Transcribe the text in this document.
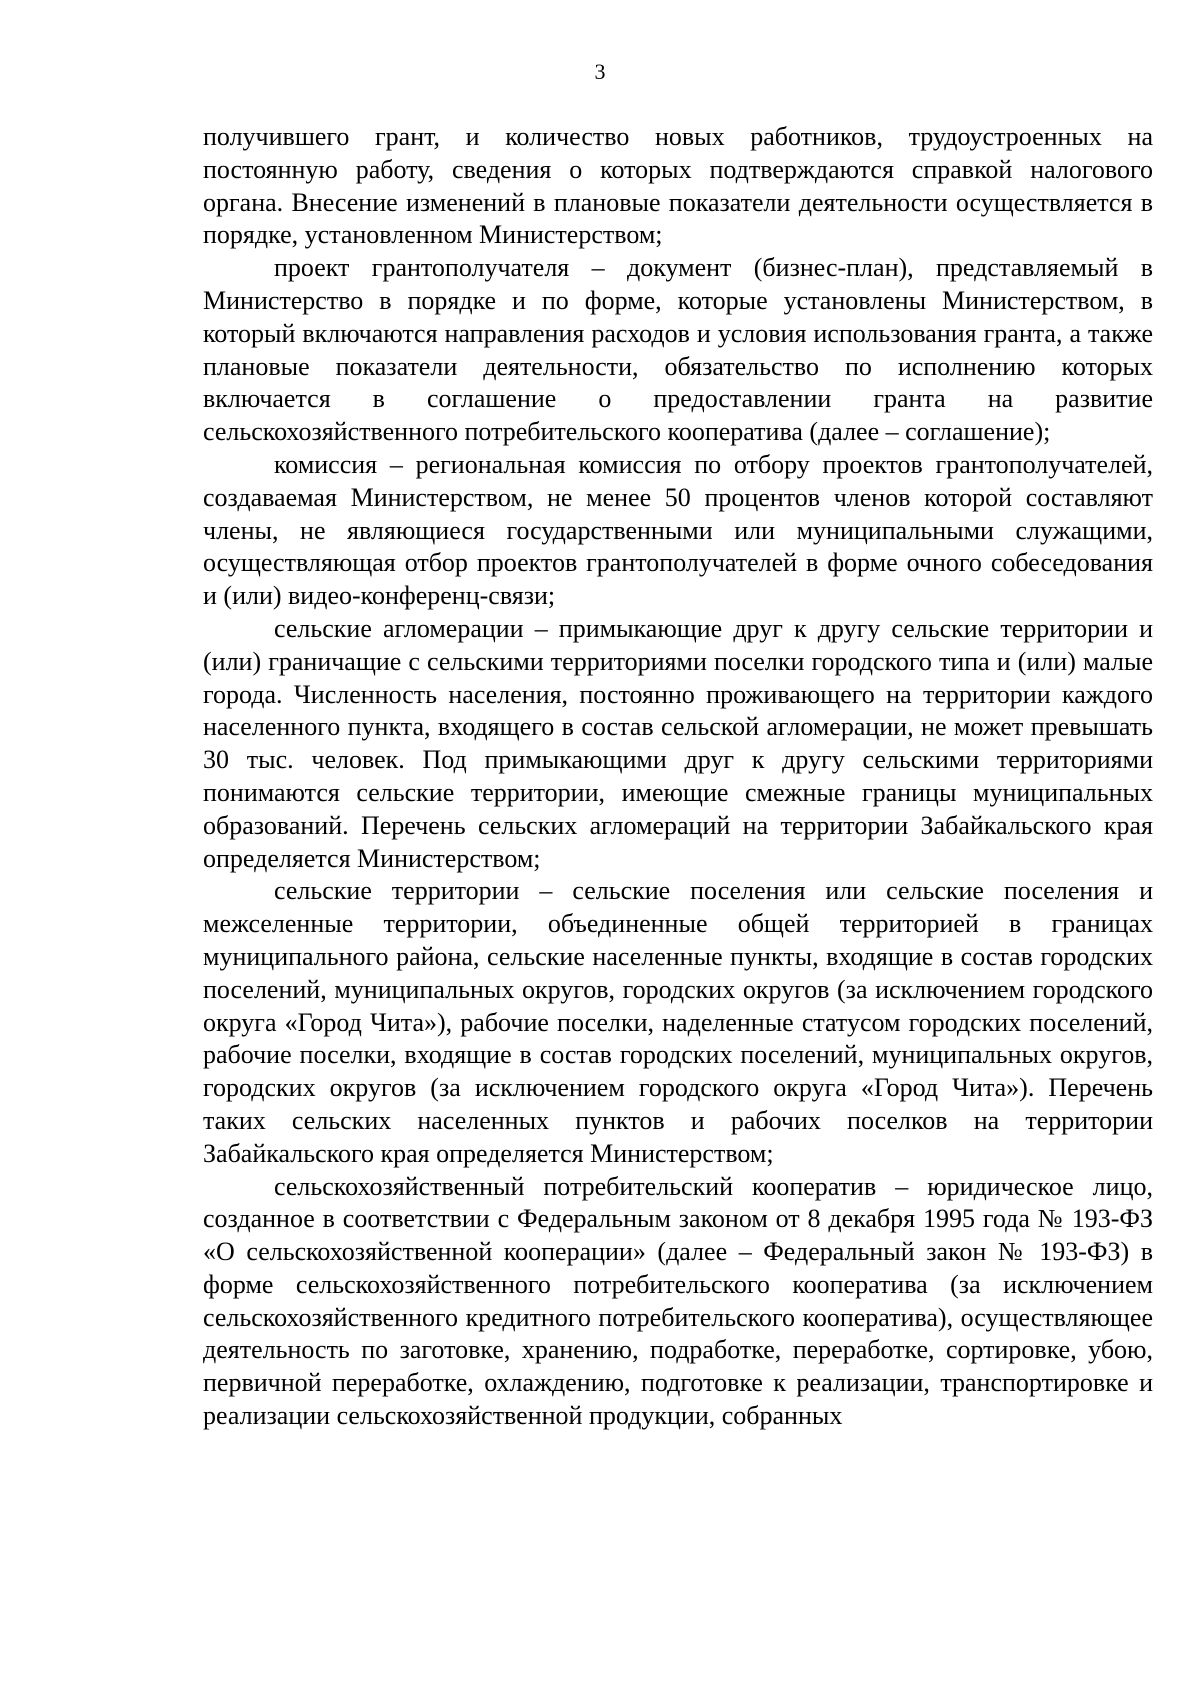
3

получившего грант, и количество новых работников, трудоустроенных на постоянную работу, сведения о которых подтверждаются справкой налогового органа. Внесение изменений в плановые показатели деятельности осуществляется в порядке, установленном Министерством;

проект грантополучателя – документ (бизнес-план), представляемый в Министерство в порядке и по форме, которые установлены Министерством, в который включаются направления расходов и условия использования гранта, а также плановые показатели деятельности, обязательство по исполнению которых включается в соглашение о предоставлении гранта на развитие сельскохозяйственного потребительского кооператива (далее – соглашение);

комиссия – региональная комиссия по отбору проектов грантополучателей, создаваемая Министерством, не менее 50 процентов членов которой составляют члены, не являющиеся государственными или муниципальными служащими, осуществляющая отбор проектов грантополучателей в форме очного собеседования и (или) видео-конференц-связи;

сельские агломерации – примыкающие друг к другу сельские территории и (или) граничащие с сельскими территориями поселки городского типа и (или) малые города. Численность населения, постоянно проживающего на территории каждого населенного пункта, входящего в состав сельской агломерации, не может превышать 30 тыс. человек. Под примыкающими друг к другу сельскими территориями понимаются сельские территории, имеющие смежные границы муниципальных образований. Перечень сельских агломераций на территории Забайкальского края определяется Министерством;

сельские территории – сельские поселения или сельские поселения и межселенные территории, объединенные общей территорией в границах муниципального района, сельские населенные пункты, входящие в состав городских поселений, муниципальных округов, городских округов (за исключением городского округа «Город Чита»), рабочие поселки, наделенные статусом городских поселений, рабочие поселки, входящие в состав городских поселений, муниципальных округов, городских округов (за исключением городского округа «Город Чита»). Перечень таких сельских населенных пунктов и рабочих поселков на территории Забайкальского края определяется Министерством;

сельскохозяйственный потребительский кооператив – юридическое лицо, созданное в соответствии с Федеральным законом от 8 декабря 1995 года № 193-ФЗ «О сельскохозяйственной кооперации» (далее – Федеральный закон № 193-ФЗ) в форме сельскохозяйственного потребительского кооператива (за исключением сельскохозяйственного кредитного потребительского кооператива), осуществляющее деятельность по заготовке, хранению, подработке, переработке, сортировке, убою, первичной переработке, охлаждению, подготовке к реализации, транспортировке и реализации сельскохозяйственной продукции, собранных
